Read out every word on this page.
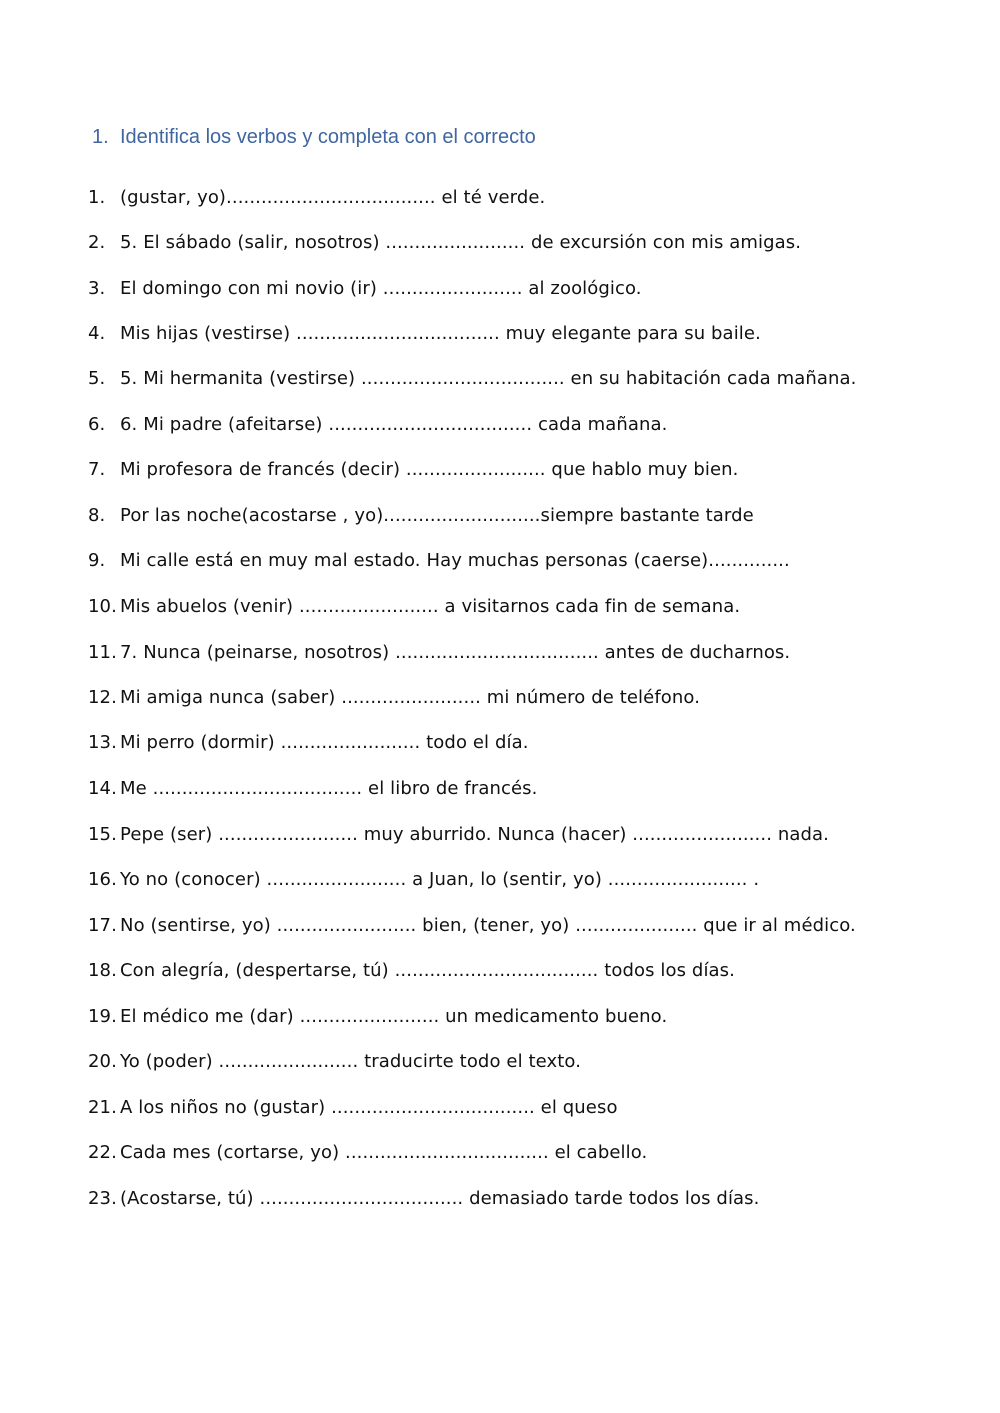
1. Identifica los verbos y completa con el correcto
1. (gustar, yo).................................... el té verde.
2. 5. El sábado (salir, nosotros) ........................ de excursión con mis amigas.
3. El domingo con mi novio (ir) ........................ al zoológico.
4. Mis hijas (vestirse) ................................... muy elegante para su baile.
5. 5. Mi hermanita (vestirse) ................................... en su habitación cada mañana.
6. 6. Mi padre (afeitarse) ................................... cada mañana.
7. Mi profesora de francés (decir) ........................ que hablo muy bien.
8. Por las noche(acostarse , yo)...........................siempre bastante tarde
9. Mi calle está en muy mal estado. Hay muchas personas (caerse)..............
10. Mis abuelos (venir) ........................ a visitarnos cada fin de semana.
11. 7. Nunca (peinarse, nosotros) ................................... antes de ducharnos.
12. Mi amiga nunca (saber) ........................ mi número de teléfono.
13. Mi perro (dormir) ........................ todo el día.
14. Me .................................... el libro de francés.
15. Pepe (ser) ........................ muy aburrido. Nunca (hacer) ........................ nada.
16. Yo no (conocer) ........................ a Juan, lo (sentir, yo) ........................ .
17. No (sentirse, yo) ........................ bien, (tener, yo) ..................... que ir al médico.
18. Con alegría, (despertarse, tú) ................................... todos los días.
19. El médico me (dar) ........................ un medicamento bueno.
20. Yo (poder) ........................ traducirte todo el texto.
21. A los niños no (gustar) ................................... el queso
22. Cada mes (cortarse, yo) ................................... el cabello.
23. (Acostarse, tú) ................................... demasiado tarde todos los días.
